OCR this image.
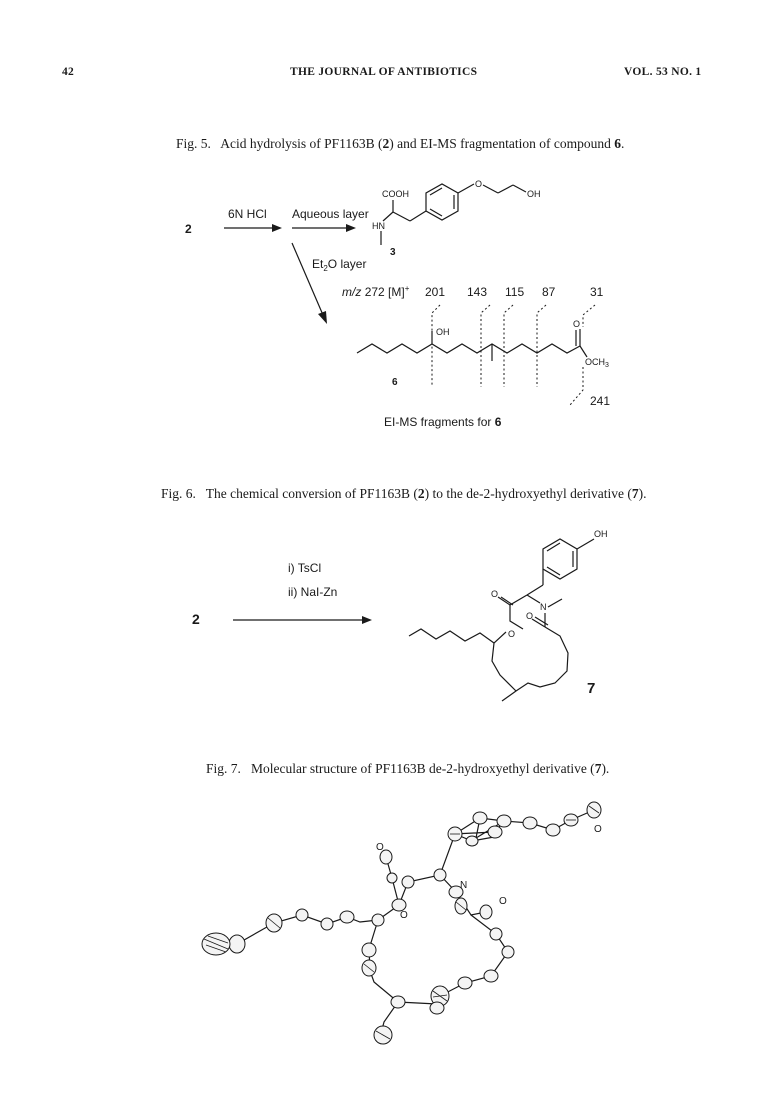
42	THE JOURNAL OF ANTIBIOTICS	VOL. 53 NO. 1
Fig. 5. Acid hydrolysis of PF1163B (2) and EI-MS fragmentation of compound 6.
2
6N HCl Aqueous layer
COOH
HN
O
OH
3
$Et_2O$ layer
m/z 272 [M]+ 201 143 115 87	31
OH
O
$OCH_3$
6
241
EI-MS fragments for 6
Fig. 6. The chemical conversion of PF1163B (2) to the de-2-hydroxyethyl derivative (7).
2
i) TsCl
ii) NaI-Zn
OH
O
O
N
O
7
Fig. 7. Molecular structure of PF1163B de-2-hydroxyethyl derivative (7).
O
O
O
N
O
